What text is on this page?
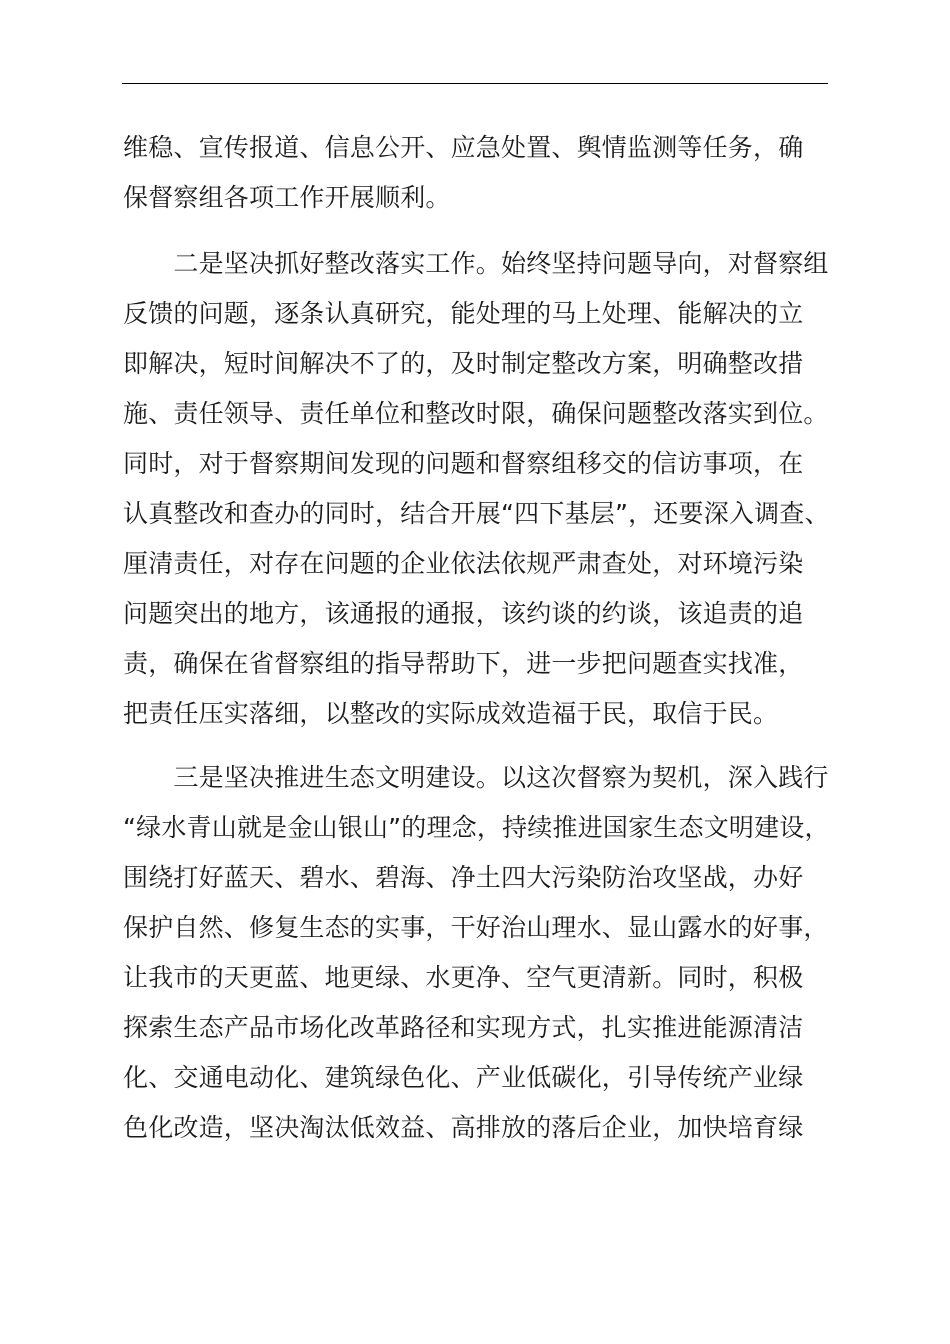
维稳、宣传报道、信息公开、应急处置、舆情监测等任务，确
保督察组各项工作开展顺利。
　　二是坚决抓好整改落实工作。始终坚持问题导向，对督察组
反馈的问题，逐条认真研究，能处理的马上处理、能解决的立
即解决，短时间解决不了的，及时制定整改方案，明确整改措
施、责任领导、责任单位和整改时限，确保问题整改落实到位。
同时，对于督察期间发现的问题和督察组移交的信访事项，在
认真整改和查办的同时，结合开展“四下基层”，还要深入调查、
厘清责任，对存在问题的企业依法依规严肃查处，对环境污染
问题突出的地方，该通报的通报，该约谈的约谈，该追责的追
责，确保在省督察组的指导帮助下，进一步把问题查实找准，
把责任压实落细，以整改的实际成效造福于民，取信于民。
　　三是坚决推进生态文明建设。以这次督察为契机，深入践行
“绿水青山就是金山银山”的理念，持续推进国家生态文明建设，
围绕打好蓝天、碧水、碧海、净土四大污染防治攻坚战，办好
保护自然、修复生态的实事，干好治山理水、显山露水的好事，
让我市的天更蓝、地更绿、水更净、空气更清新。同时，积极
探索生态产品市场化改革路径和实现方式，扎实推进能源清洁
化、交通电动化、建筑绿色化、产业低碳化，引导传统产业绿
色化改造，坚决淘汰低效益、高排放的落后企业，加快培育绿
